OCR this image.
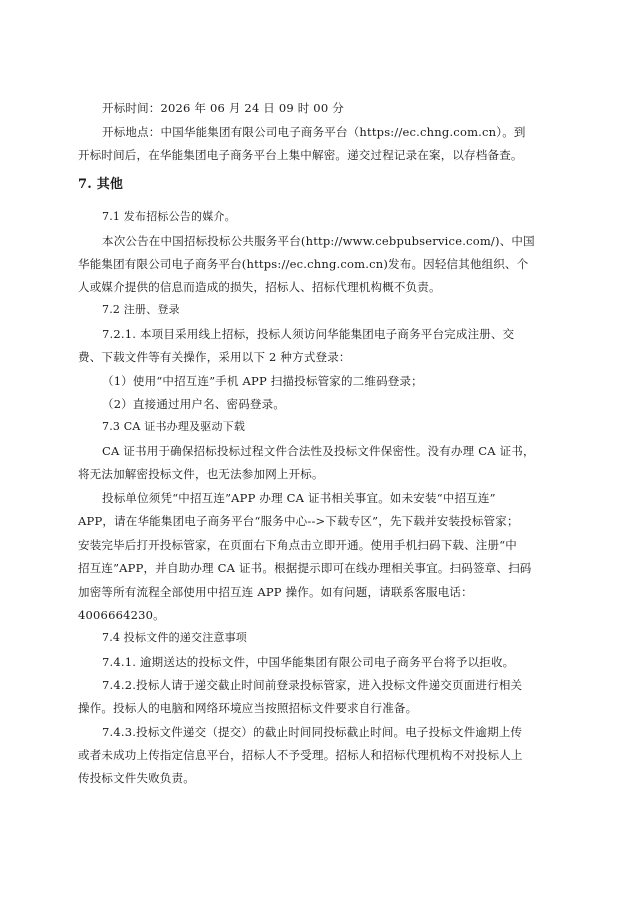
开标时间：2026 年 06 月 24 日 09 时 00 分
开标地点：中国华能集团有限公司电子商务平台（https://ec.chng.com.cn）。到
开标时间后，在华能集团电子商务平台上集中解密。递交过程记录在案，以存档备查。
7. 其他
7.1 发布招标公告的媒介。
本次公告在中国招标投标公共服务平台(http://www.cebpubservice.com/)、中国
华能集团有限公司电子商务平台(https://ec.chng.com.cn)发布。因轻信其他组织、个
人或媒介提供的信息而造成的损失，招标人、招标代理机构概不负责。
7.2 注册、登录
7.2.1. 本项目采用线上招标，投标人须访问华能集团电子商务平台完成注册、交
费、下载文件等有关操作，采用以下 2 种方式登录：
（1）使用“中招互连”手机 APP 扫描投标管家的二维码登录；
（2）直接通过用户名、密码登录。
7.3 CA 证书办理及驱动下载
CA 证书用于确保招标投标过程文件合法性及投标文件保密性。没有办理 CA 证书，
将无法加解密投标文件，也无法参加网上开标。
投标单位须凭“中招互连”APP 办理 CA 证书相关事宜。如未安装“中招互连”
APP，请在华能集团电子商务平台“服务中心-->下载专区”，先下载并安装投标管家；
安装完毕后打开投标管家，在页面右下角点击立即开通。使用手机扫码下载、注册“中
招互连”APP，并自助办理 CA 证书。根据提示即可在线办理相关事宜。扫码签章、扫码
加密等所有流程全部使用中招互连 APP 操作。如有问题，请联系客服电话：
4006664230。
7.4 投标文件的递交注意事项
7.4.1. 逾期送达的投标文件，中国华能集团有限公司电子商务平台将予以拒收。
7.4.2.投标人请于递交截止时间前登录投标管家，进入投标文件递交页面进行相关
操作。投标人的电脑和网络环境应当按照招标文件要求自行准备。
7.4.3.投标文件递交（提交）的截止时间同投标截止时间。电子投标文件逾期上传
或者未成功上传指定信息平台，招标人不予受理。招标人和招标代理机构不对投标人上
传投标文件失败负责。
